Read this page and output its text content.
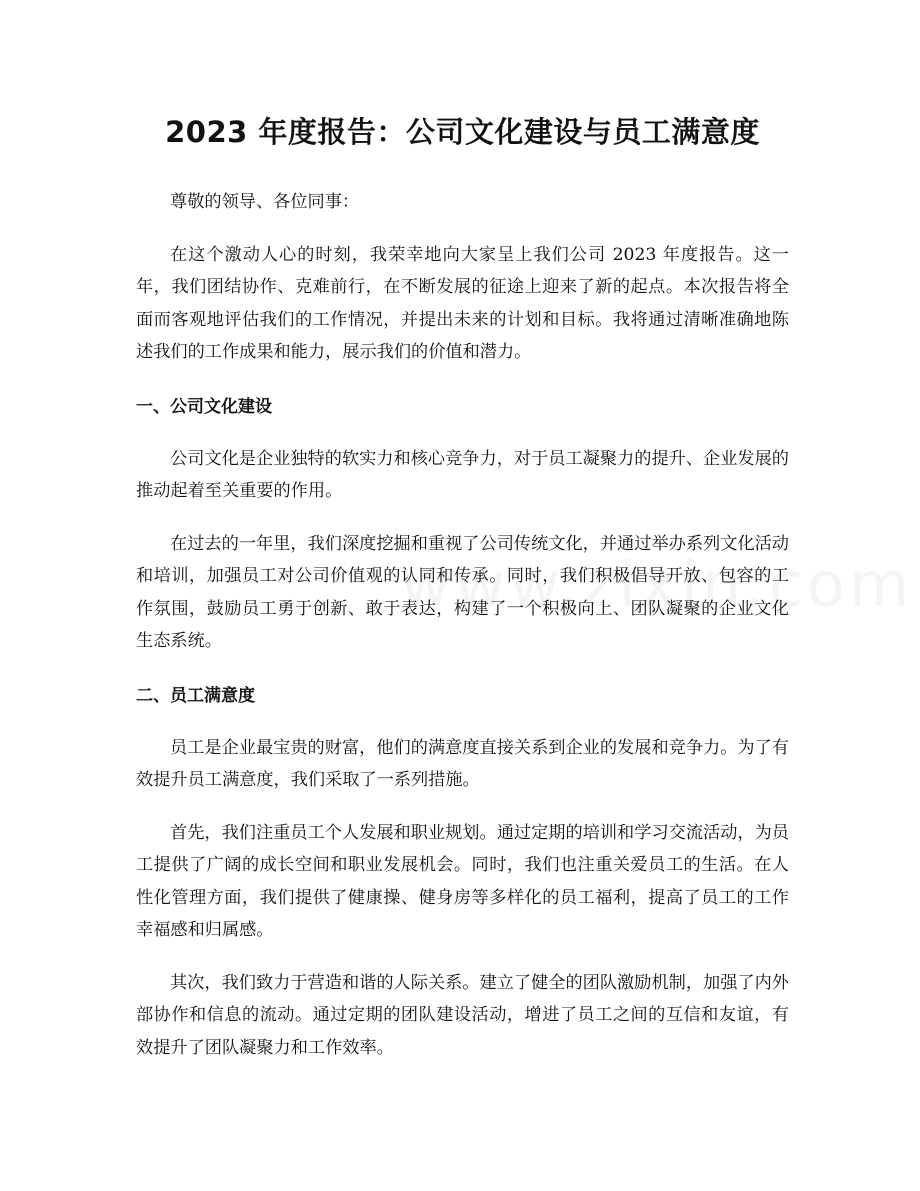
2023 年度报告：公司文化建设与员工满意度

尊敬的领导、各位同事：

在这个激动人心的时刻，我荣幸地向大家呈上我们公司 2023 年度报告。这一年，我们团结协作、克难前行，在不断发展的征途上迎来了新的起点。本次报告将全面而客观地评估我们的工作情况，并提出未来的计划和目标。我将通过清晰准确地陈述我们的工作成果和能力，展示我们的价值和潜力。

一、公司文化建设

公司文化是企业独特的软实力和核心竞争力，对于员工凝聚力的提升、企业发展的推动起着至关重要的作用。

在过去的一年里，我们深度挖掘和重视了公司传统文化，并通过举办系列文化活动和培训，加强员工对公司价值观的认同和传承。同时，我们积极倡导开放、包容的工作氛围，鼓励员工勇于创新、敢于表达，构建了一个积极向上、团队凝聚的企业文化生态系统。

二、员工满意度

员工是企业最宝贵的财富，他们的满意度直接关系到企业的发展和竞争力。为了有效提升员工满意度，我们采取了一系列措施。

首先，我们注重员工个人发展和职业规划。通过定期的培训和学习交流活动，为员工提供了广阔的成长空间和职业发展机会。同时，我们也注重关爱员工的生活。在人性化管理方面，我们提供了健康操、健身房等多样化的员工福利，提高了员工的工作幸福感和归属感。

其次，我们致力于营造和谐的人际关系。建立了健全的团队激励机制，加强了内外部协作和信息的流动。通过定期的团队建设活动，增进了员工之间的互信和友谊，有效提升了团队凝聚力和工作效率。
